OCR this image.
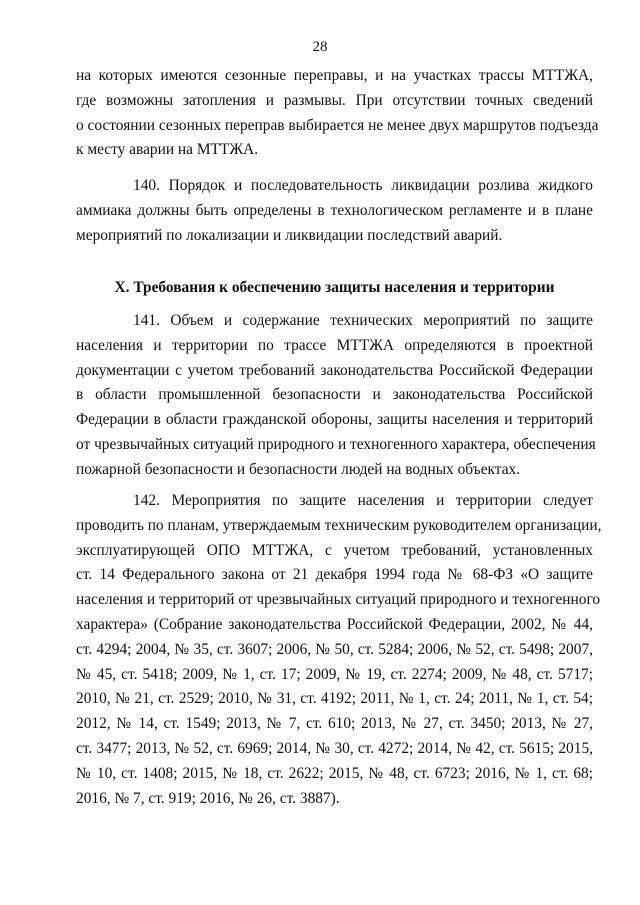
28
на которых имеются сезонные переправы, и на участках трассы МТТЖА,
где возможны затопления и размывы. При отсутствии точных сведений
о состоянии сезонных переправ выбирается не менее двух маршрутов подъезда
к месту аварии на МТТЖА.
140. Порядок и последовательность ликвидации розлива жидкого
аммиака должны быть определены в технологическом регламенте и в плане
мероприятий по локализации и ликвидации последствий аварий.
X. Требования к обеспечению защиты населения и территории
141. Объем и содержание технических мероприятий по защите
населения и территории по трассе МТТЖА определяются в проектной
документации с учетом требований законодательства Российской Федерации
в области промышленной безопасности и законодательства Российской
Федерации в области гражданской обороны, защиты населения и территорий
от чрезвычайных ситуаций природного и техногенного характера, обеспечения
пожарной безопасности и безопасности людей на водных объектах.
142. Мероприятия по защите населения и территории следует
проводить по планам, утверждаемым техническим руководителем организации,
эксплуатирующей ОПО МТТЖА, с учетом требований, установленных
ст. 14 Федерального закона от 21 декабря 1994 года № 68-ФЗ «О защите
населения и территорий от чрезвычайных ситуаций природного и техногенного
характера» (Собрание законодательства Российской Федерации, 2002, № 44,
ст. 4294; 2004, № 35, ст. 3607; 2006, № 50, ст. 5284; 2006, № 52, ст. 5498; 2007,
№ 45, ст. 5418; 2009, № 1, ст. 17; 2009, № 19, ст. 2274; 2009, № 48, ст. 5717;
2010, № 21, ст. 2529; 2010, № 31, ст. 4192; 2011, № 1, ст. 24; 2011, № 1, ст. 54;
2012, № 14, ст. 1549; 2013, № 7, ст. 610; 2013, № 27, ст. 3450; 2013, № 27,
ст. 3477; 2013, № 52, ст. 6969; 2014, № 30, ст. 4272; 2014, № 42, ст. 5615; 2015,
№ 10, ст. 1408; 2015, № 18, ст. 2622; 2015, № 48, ст. 6723; 2016, № 1, ст. 68;
2016, № 7, ст. 919; 2016, № 26, ст. 3887).
